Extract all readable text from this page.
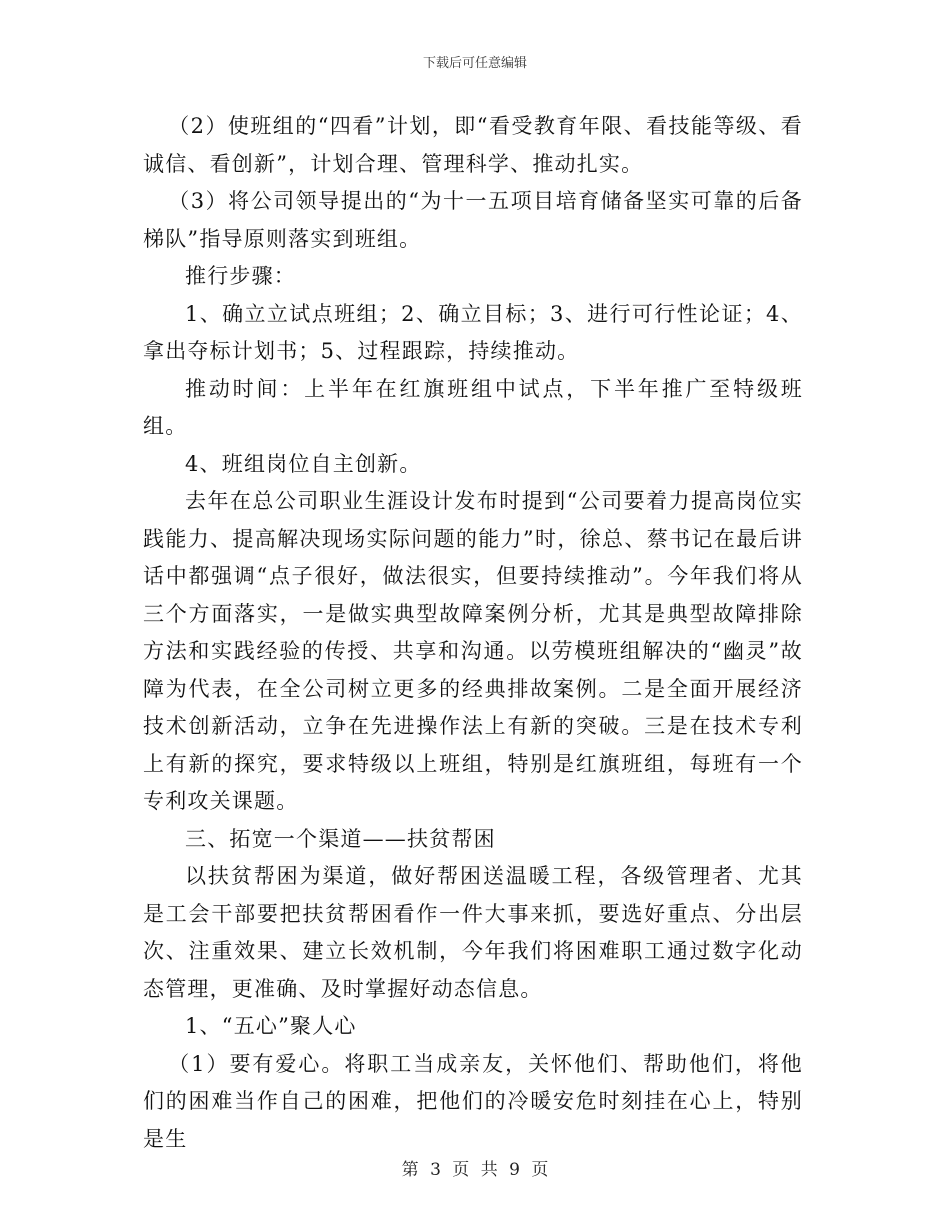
下载后可任意编辑

（2）使班组的“四看”计划，即“看受教育年限、看技能等级、看诚信、看创新”，计划合理、管理科学、推动扎实。

（3）将公司领导提出的“为十一五项目培育储备坚实可靠的后备梯队”指导原则落实到班组。

推行步骤：

1、确立立试点班组；2、确立目标；3、进行可行性论证；4、拿出夺标计划书；5、过程跟踪，持续推动。

推动时间：上半年在红旗班组中试点，下半年推广至特级班组。

4、班组岗位自主创新。

去年在总公司职业生涯设计发布时提到“公司要着力提高岗位实践能力、提高解决现场实际问题的能力”时，徐总、蔡书记在最后讲话中都强调“点子很好，做法很实，但要持续推动”。今年我们将从三个方面落实，一是做实典型故障案例分析，尤其是典型故障排除方法和实践经验的传授、共享和沟通。以劳模班组解决的“幽灵”故障为代表，在全公司树立更多的经典排故案例。二是全面开展经济技术创新活动，立争在先进操作法上有新的突破。三是在技术专利上有新的探究，要求特级以上班组，特别是红旗班组，每班有一个专利攻关课题。

三、拓宽一个渠道——扶贫帮困

以扶贫帮困为渠道，做好帮困送温暖工程，各级管理者、尤其是工会干部要把扶贫帮困看作一件大事来抓，要选好重点、分出层次、注重效果、建立长效机制，今年我们将困难职工通过数字化动态管理，更准确、及时掌握好动态信息。

1、“五心”聚人心

（1）要有爱心。将职工当成亲友，关怀他们、帮助他们，将他们的困难当作自己的困难，把他们的冷暖安危时刻挂在心上，特别是生

第 3 页 共 9 页
